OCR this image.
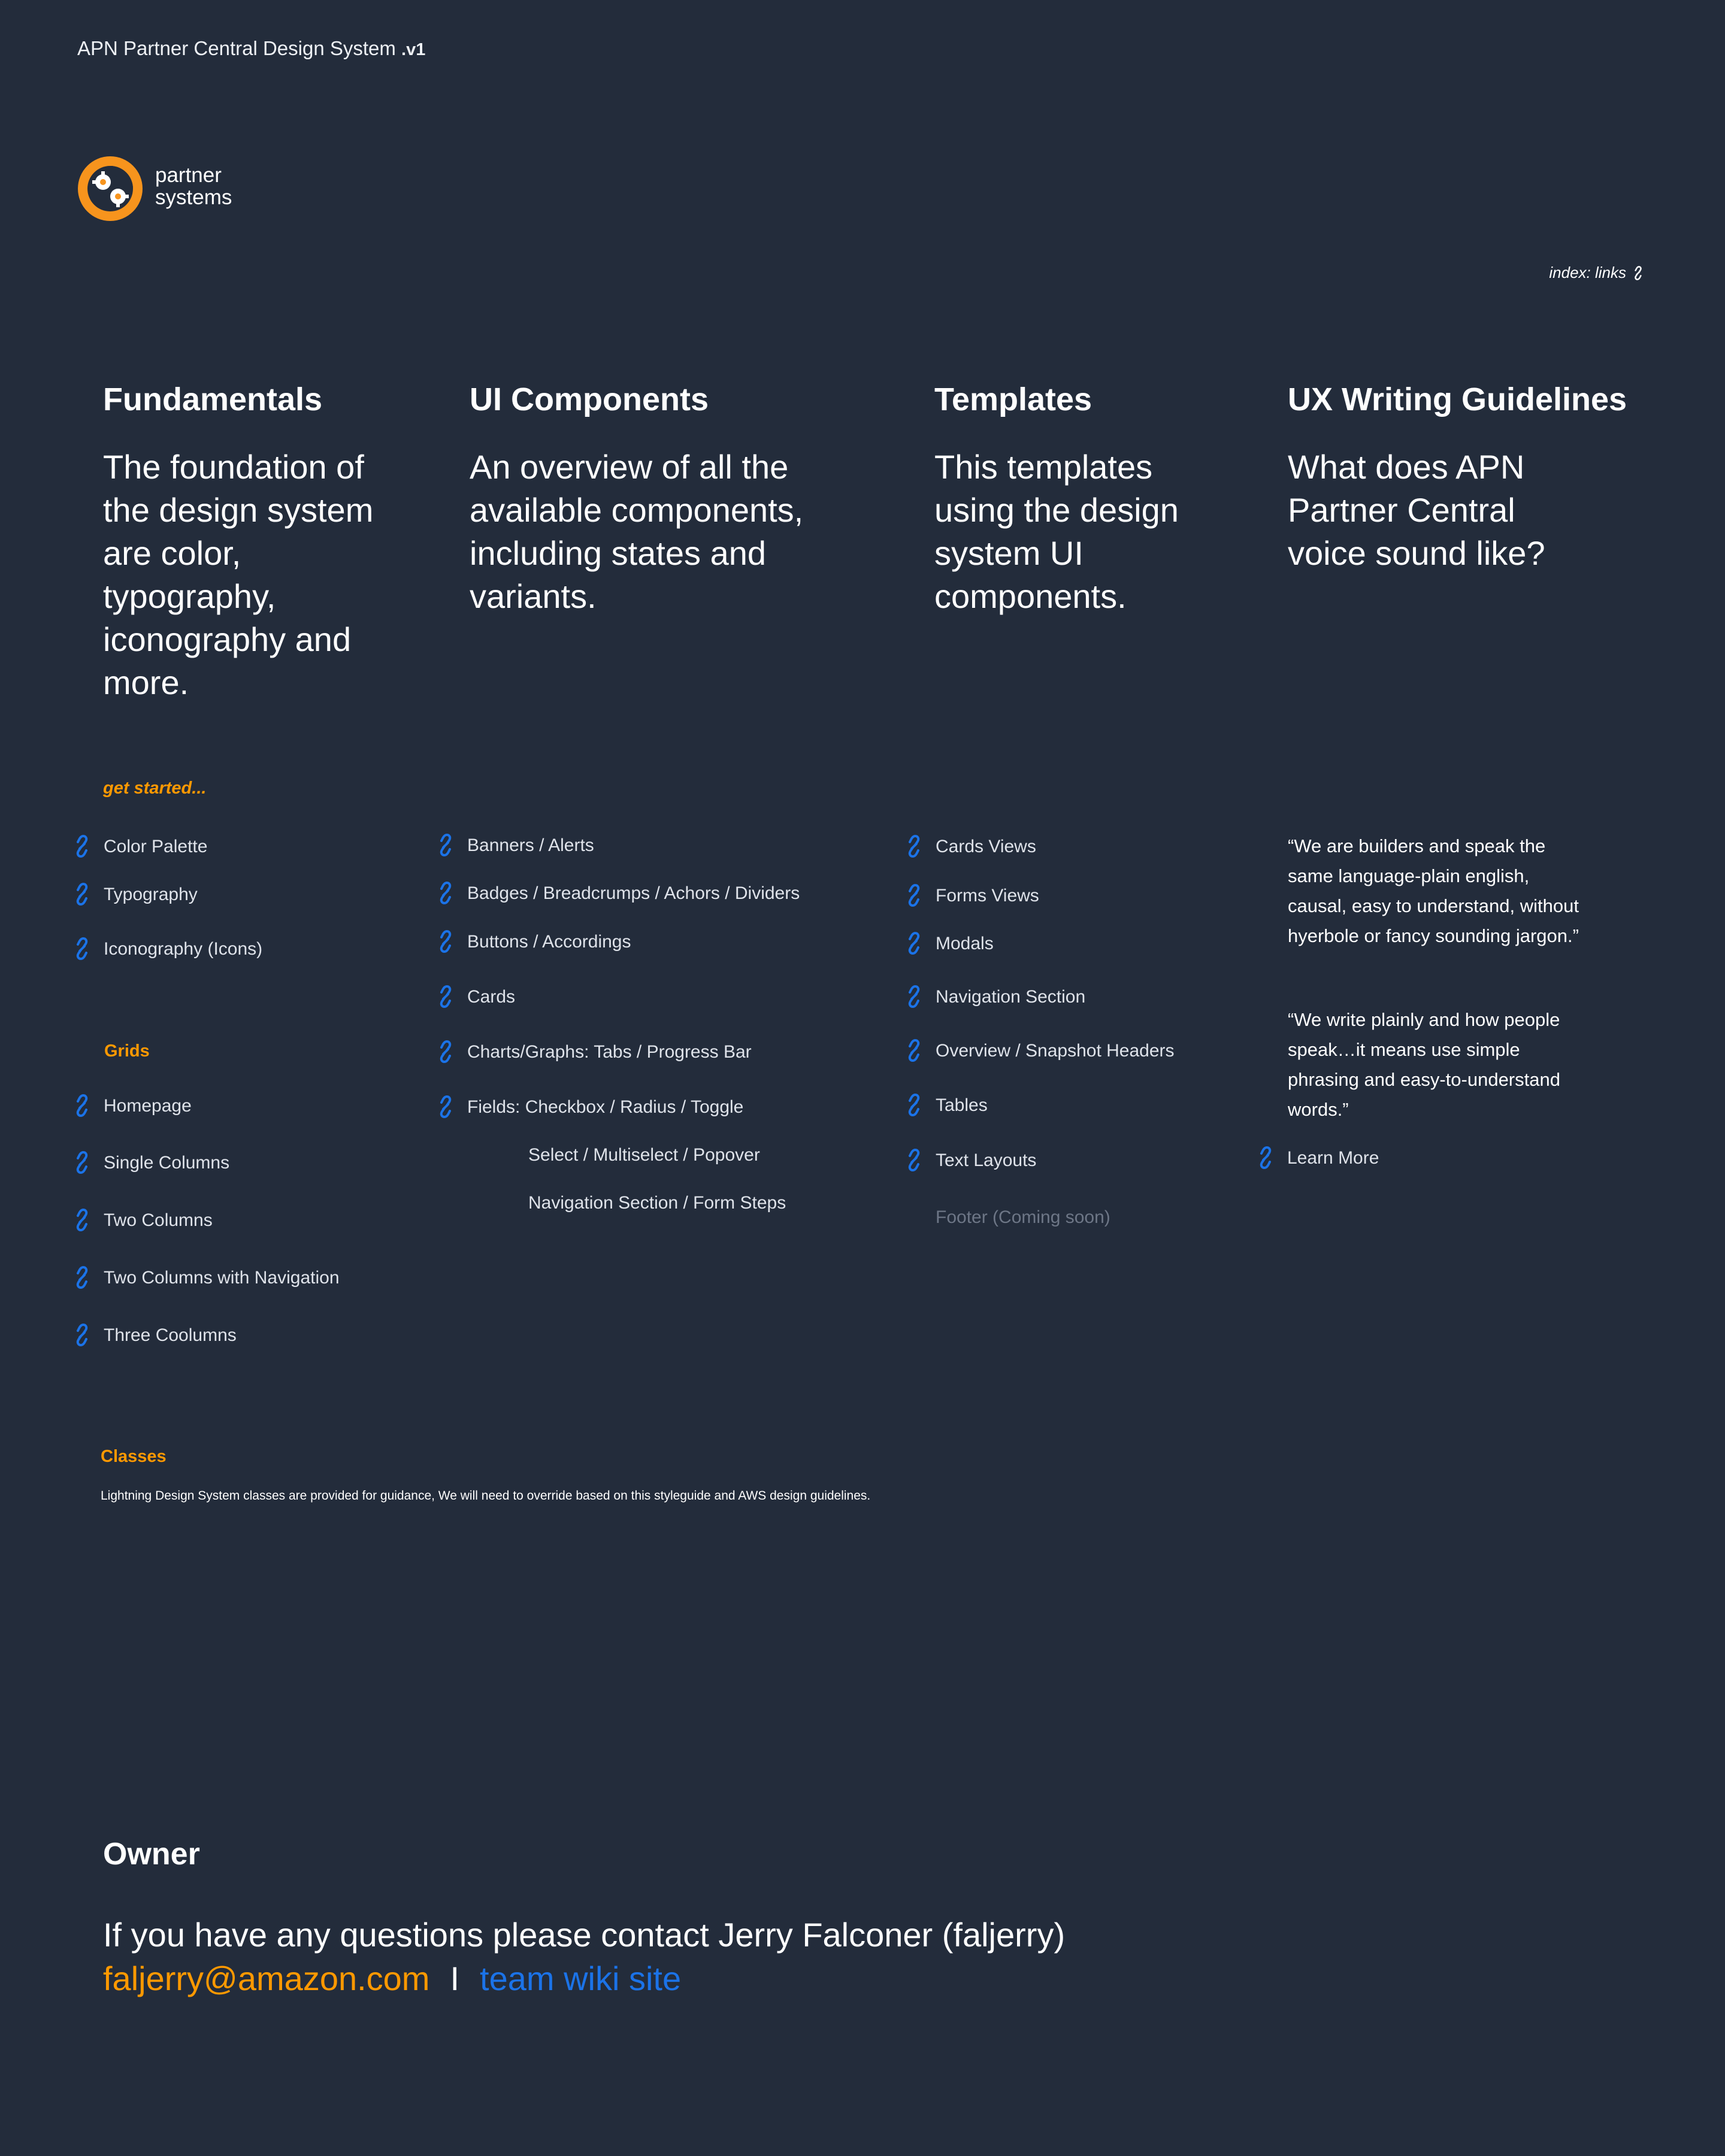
APN Partner Central Design System .v1
partner
systems
index: links
Fundamentals	UI Components	Templates	UX Writing Guidelines
The foundation of the design system are color, typography, iconography and more.
An overview of all the available components, including states and variants.
This templates using the design system UI components.
What does APN Partner Central voice sound like?
get started...
Color Palette
Typography
Iconography (Icons)
Grids
Homepage
Single Columns
Two Columns
Two Columns with Navigation
Three Coolumns
Banners / Alerts
Badges / Breadcrumps / Achors / Dividers
Buttons / Accordings
Cards
Charts/Graphs: Tabs / Progress Bar
Fields: Checkbox / Radius / Toggle
Select / Multiselect / Popover
Navigation Section / Form Steps
Cards Views
Forms Views
Modals
Navigation Section
Overview / Snapshot Headers
Tables
Text Layouts
Footer (Coming soon)
“We are builders and speak the same language-plain english, causal, easy to understand, without hyerbole or fancy sounding jargon.”
“We write plainly and how people speak…it means use simple phrasing and easy-to-understand words.”
Learn More
Classes
Lightning Design System classes are provided for guidance, We will need to override based on this styleguide and AWS design guidelines.
Owner
If you have any questions please contact Jerry Falconer (faljerry)
faljerry@amazon.com I team wiki site
